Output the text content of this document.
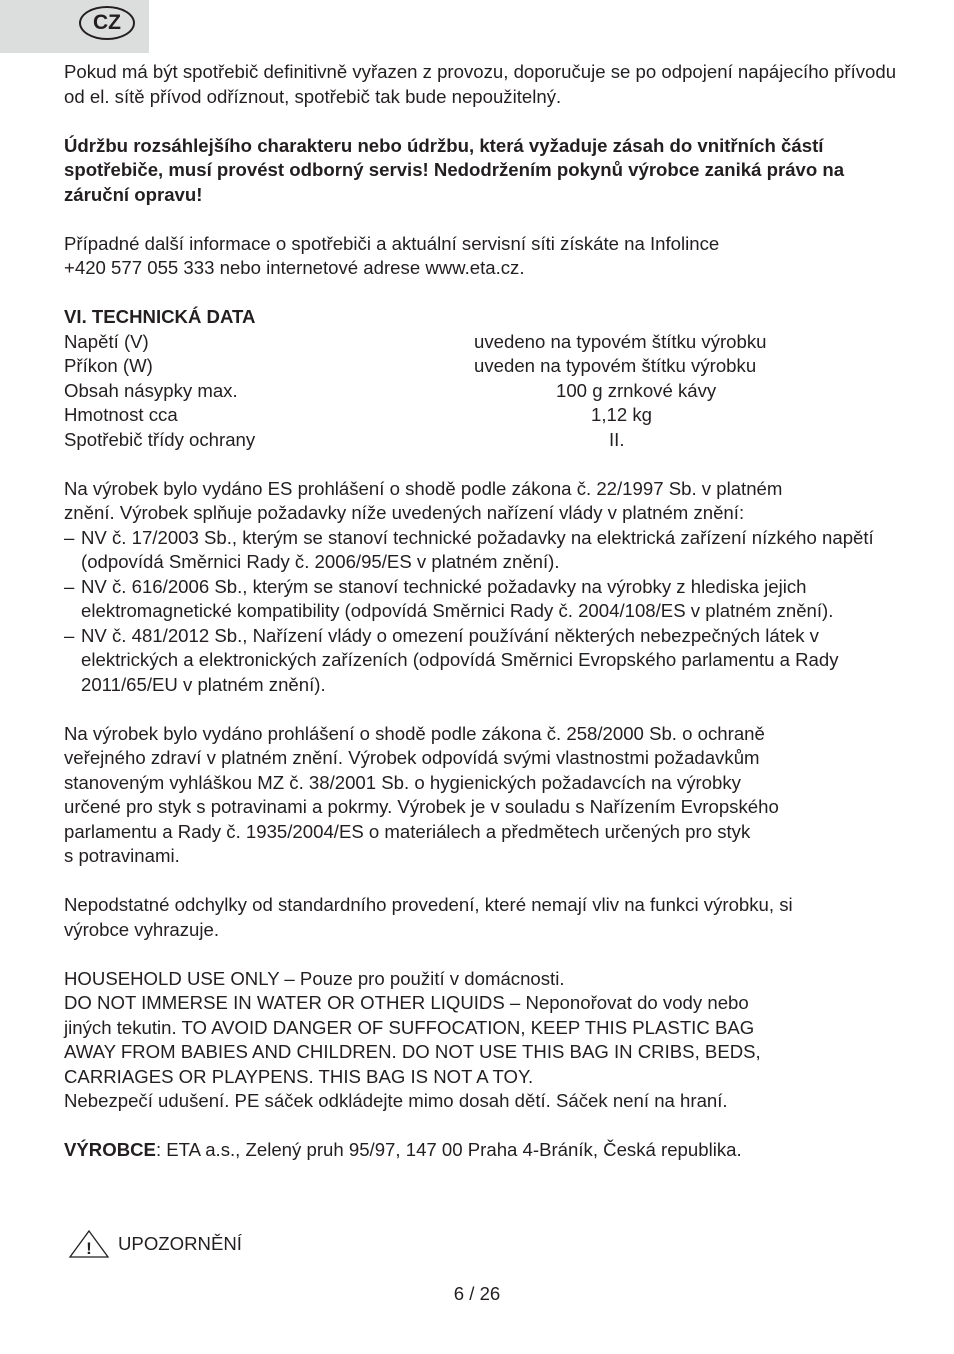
CZ

Pokud má být spotřebič definitivně vyřazen z provozu, doporučuje se po odpojení napájecího přívodu od el. sítě přívod odříznout, spotřebič tak bude nepoužitelný.

Údržbu rozsáhlejšího charakteru nebo údržbu, která vyžaduje zásah do vnitřních částí spotřebiče, musí provést odborný servis! Nedodržením pokynů výrobce zaniká právo na záruční opravu!

Případné další informace o spotřebiči a aktuální servisní síti získáte na Infolince
+420 577 055 333 nebo internetové adrese www.eta.cz.

VI. TECHNICKÁ DATA
Napětí (V)	uvedeno na typovém štítku výrobku
Příkon (W)	uveden na typovém štítku výrobku
Obsah násypky max.	100 g zrnkové kávy
Hmotnost cca	1,12 kg
Spotřebič třídy ochrany	II.
Na výrobek bylo vydáno ES prohlášení o shodě podle zákona č. 22/1997 Sb. v platném
znění. Výrobek splňuje požadavky níže uvedených nařízení vlády v platném znění:
– NV č. 17/2003 Sb., kterým se stanoví technické požadavky na elektrická zařízení nízkého napětí (odpovídá Směrnici Rady č. 2006/95/ES v platném znění).
– NV č. 616/2006 Sb., kterým se stanoví technické požadavky na výrobky z hlediska jejich elektromagnetické kompatibility (odpovídá Směrnici Rady č. 2004/108/ES v platném znění).
– NV č. 481/2012 Sb., Nařízení vlády o omezení používání některých nebezpečných látek v elektrických a elektronických zařízeních (odpovídá Směrnici Evropského parlamentu a Rady 2011/65/EU v platném znění).

Na výrobek bylo vydáno prohlášení o shodě podle zákona č. 258/2000 Sb. o ochraně
veřejného zdraví v platném znění. Výrobek odpovídá svými vlastnostmi požadavkům
stanoveným vyhláškou MZ č. 38/2001 Sb. o hygienických požadavcích na výrobky
určené pro styk s potravinami a pokrmy. Výrobek je v souladu s Nařízením Evropského
parlamentu a Rady č. 1935/2004/ES o materiálech a předmětech určených pro styk
s potravinami.

Nepodstatné odchylky od standardního provedení, které nemají vliv na funkci výrobku, si
výrobce vyhrazuje.

HOUSEHOLD USE ONLY – Pouze pro použití v domácnosti.
DO NOT IMMERSE IN WATER OR OTHER LIQUIDS – Neponořovat do vody nebo
jiných tekutin. TO AVOID DANGER OF SUFFOCATION, KEEP THIS PLASTIC BAG
AWAY FROM BABIES AND CHILDREN. DO NOT USE THIS BAG IN CRIBS, BEDS,
CARRIAGES OR PLAYPENS. THIS BAG IS NOT A TOY.
Nebezpečí udušení. PE sáček odkládejte mimo dosah dětí. Sáček není na hraní.

VÝROBCE: ETA a.s., Zelený pruh 95/97, 147 00 Praha 4-Bráník, Česká republika.

! UPOZORNĚNÍ
6 / 26
